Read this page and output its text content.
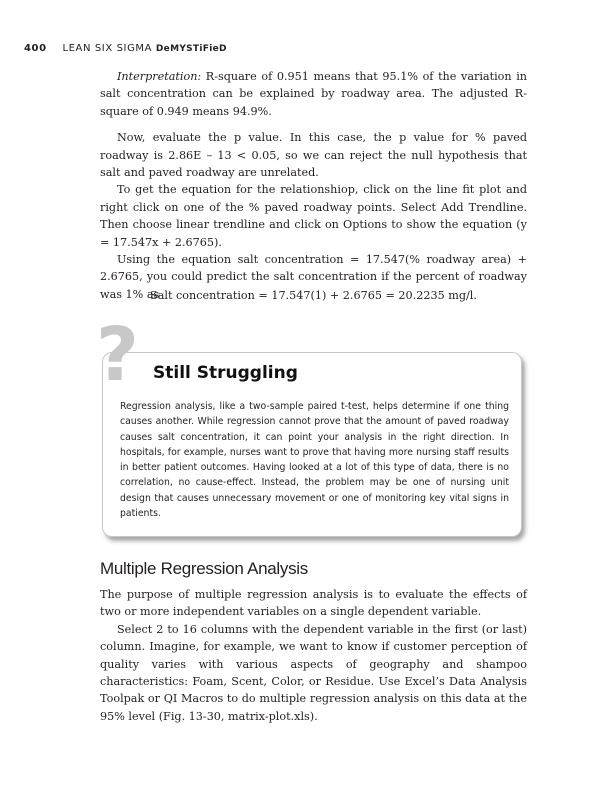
400 LEAN SIX SIGMA DeMYSTiFieD

Interpretation: R-square of 0.951 means that 95.1% of the variation in salt concentration can be explained by roadway area. The adjusted R-square of 0.949 means 94.9%.

Now, evaluate the p value. In this case, the p value for % paved roadway is 2.86E – 13 < 0.05, so we can reject the null hypothesis that salt and paved roadway are unrelated.

To get the equation for the relationshiop, click on the line fit plot and right click on one of the % paved roadway points. Select Add Trendline. Then choose linear trendline and click on Options to show the equation (y = 17.547x + 2.6765).

Using the equation salt concentration = 17.547(% roadway area) + 2.6765, you could predict the salt concentration if the percent of roadway was 1% as

Salt concentration = 17.547(1) + 2.6765 = 20.2235 mg/l.
Still Struggling
Regression analysis, like a two-sample paired t-test, helps determine if one thing causes another. While regression cannot prove that the amount of paved roadway causes salt concentration, it can point your analysis in the right direction. In hospitals, for example, nurses want to prove that having more nursing staff results in better patient outcomes. Having looked at a lot of this type of data, there is no correlation, no cause-effect. Instead, the problem may be one of nursing unit design that causes unnecessary movement or one of monitoring key vital signs in patients.
?
Multiple Regression Analysis

The purpose of multiple regression analysis is to evaluate the effects of two or more independent variables on a single dependent variable.

Select 2 to 16 columns with the dependent variable in the first (or last) column. Imagine, for example, we want to know if customer perception of quality varies with various aspects of geography and shampoo characteristics: Foam, Scent, Color, or Residue. Use Excel’s Data Analysis Toolpak or QI Macros to do multiple regression analysis on this data at the 95% level (Fig. 13-30, matrix-plot.xls).
